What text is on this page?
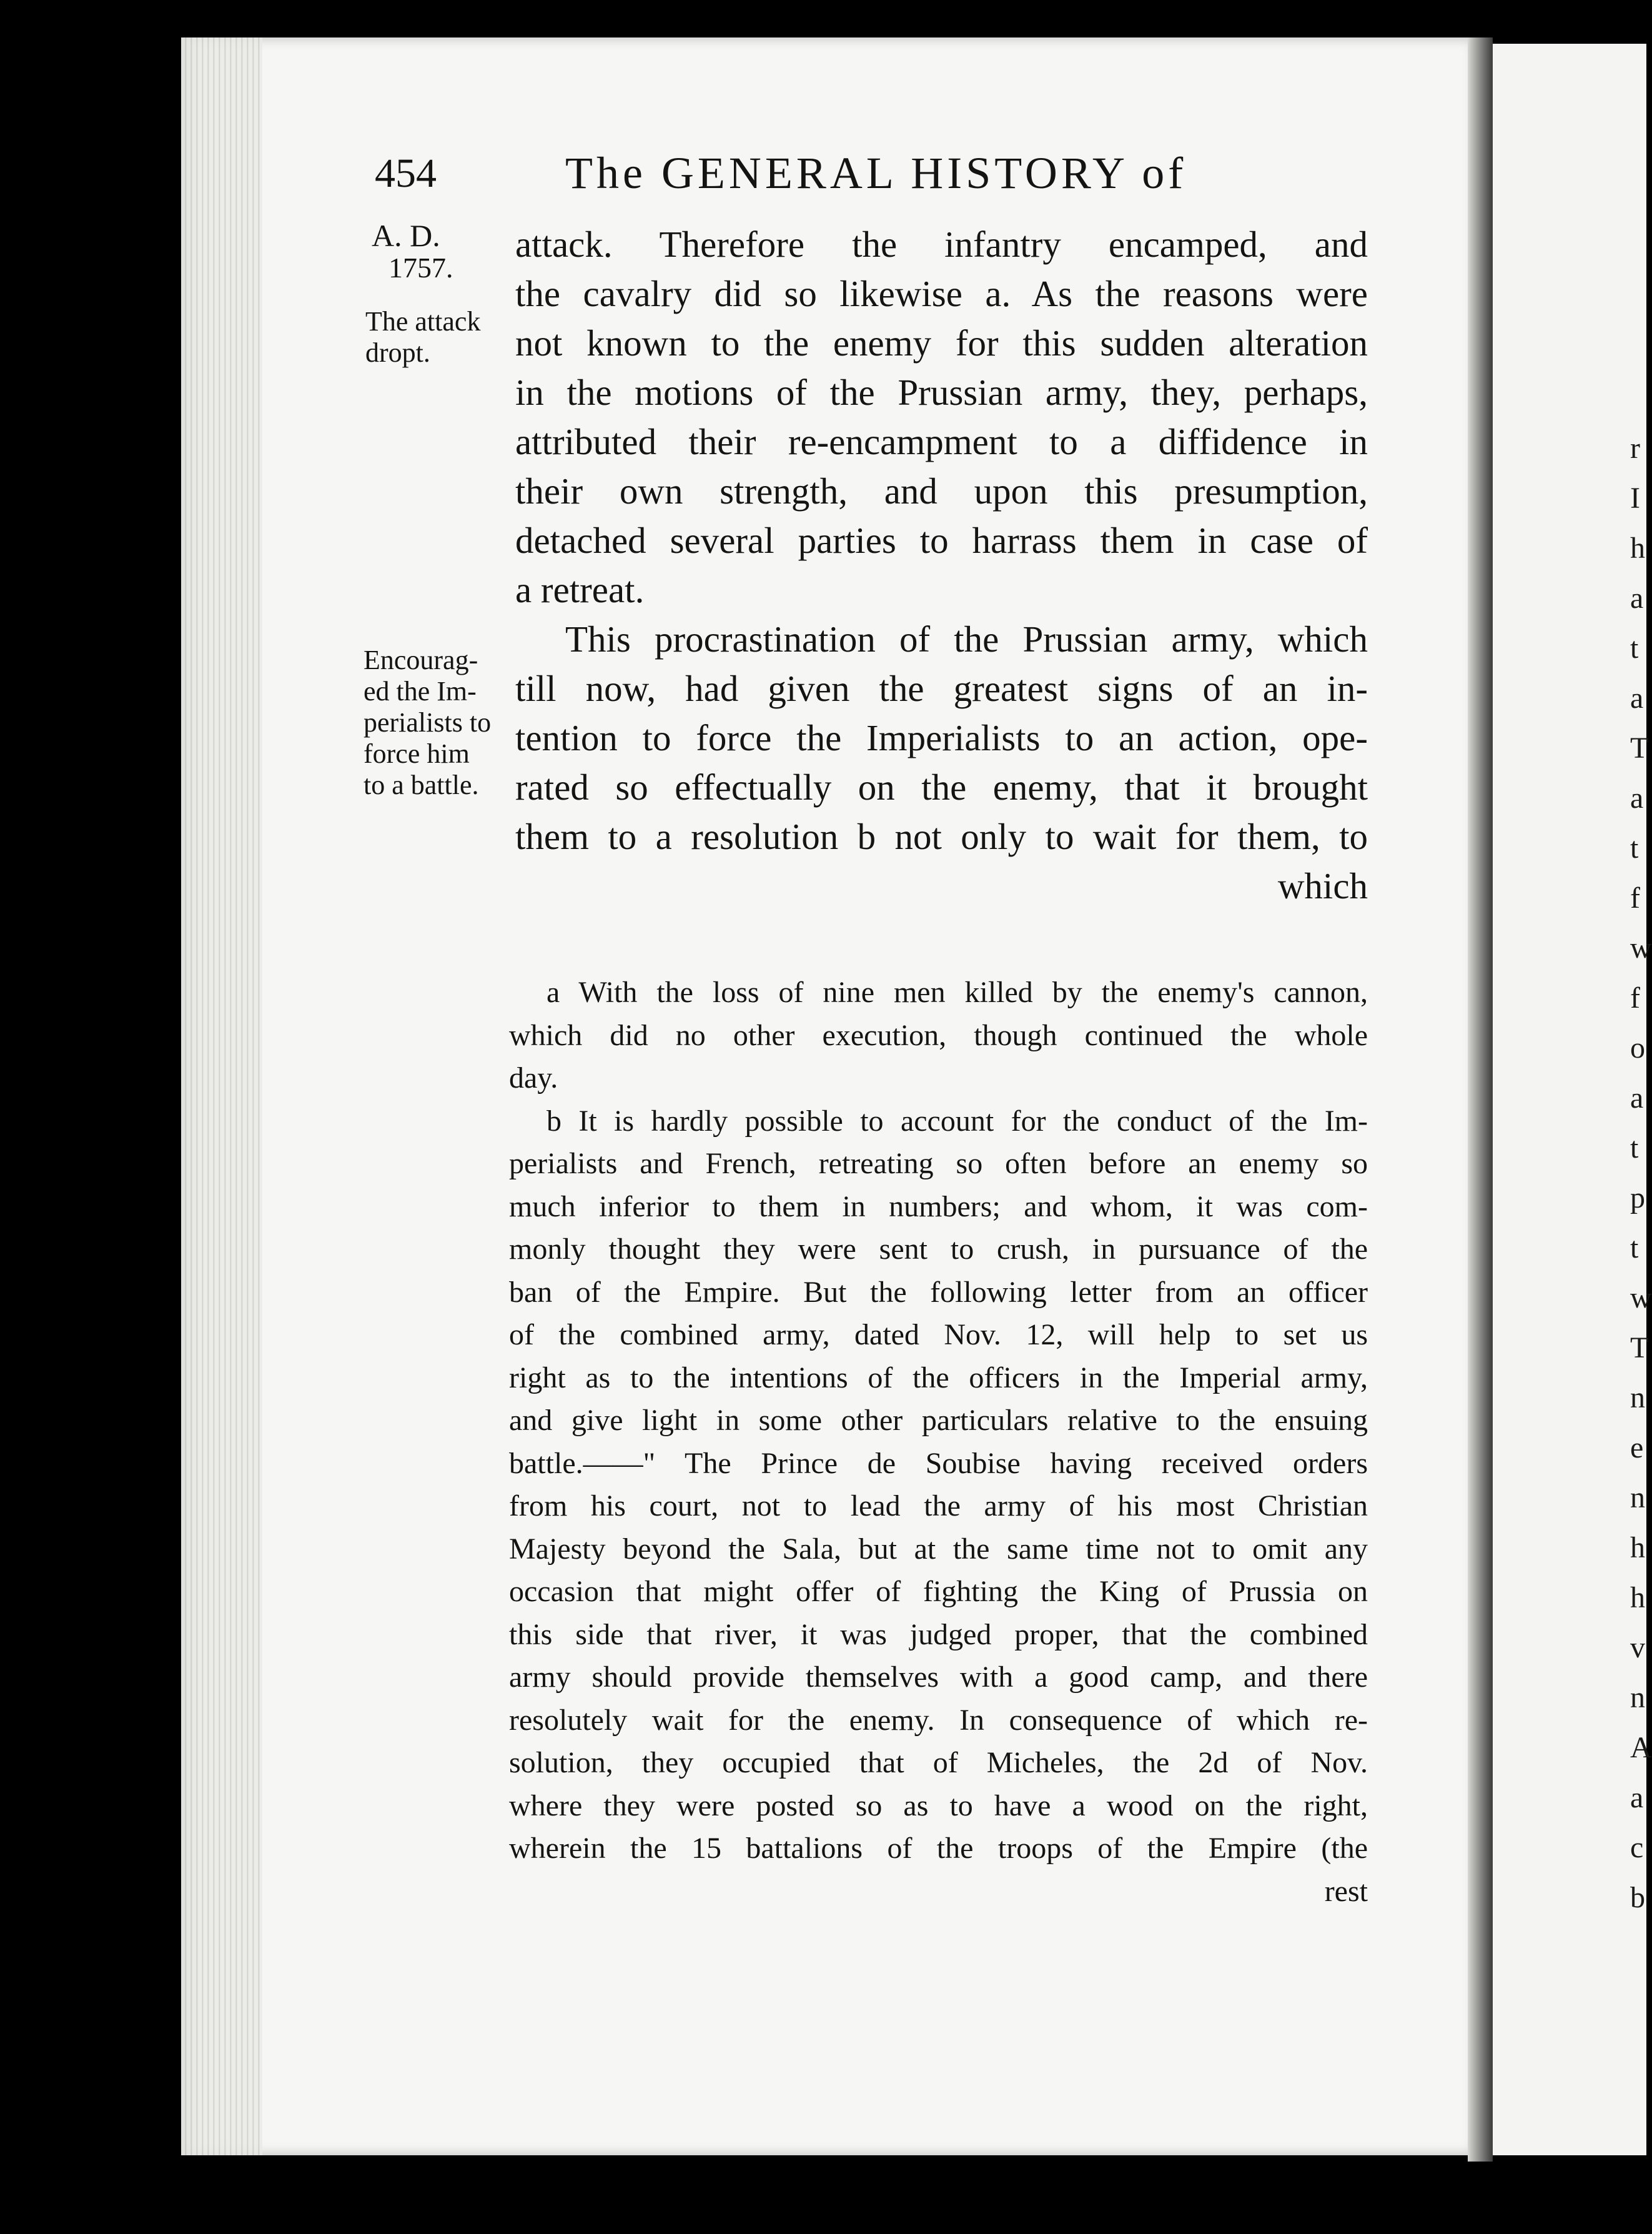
r
I
h
a
t
a
T
a
t
f
w
f
o
a
t
p
t
w
T
n
e
n
h
h
v
n
A
a
c
b
454	The GENERAL HISTORY of
A. D.
1757.
The attack
dropt.
Encourag-
ed the Im-
perialists to
force him
to a battle.
attack. Therefore the infantry encamped, and
the cavalry did so likewise a. As the reasons were
not known to the enemy for this sudden alteration
in the motions of the Prussian army, they, perhaps,
attributed their re-encampment to a diffidence in
their own strength, and upon this presumption,
detached several parties to harrass them in case of
a retreat.
This procrastination of the Prussian army, which
till now, had given the greatest signs of an in-
tention to force the Imperialists to an action, ope-
rated so effectually on the enemy, that it brought
them to a resolution b not only to wait for them, to
which
a With the loss of nine men killed by the enemy's cannon,
which did no other execution, though continued the whole
day.
b It is hardly possible to account for the conduct of the Im-
perialists and French, retreating so often before an enemy so
much inferior to them in numbers; and whom, it was com-
monly thought they were sent to crush, in pursuance of the
ban of the Empire. But the following letter from an officer
of the combined army, dated Nov. 12, will help to set us
right as to the intentions of the officers in the Imperial army,
and give light in some other particulars relative to the ensuing
battle.——" The Prince de Soubise having received orders
from his court, not to lead the army of his most Christian
Majesty beyond the Sala, but at the same time not to omit any
occasion that might offer of fighting the King of Prussia on
this side that river, it was judged proper, that the combined
army should provide themselves with a good camp, and there
resolutely wait for the enemy. In consequence of which re-
solution, they occupied that of Micheles, the 2d of Nov.
where they were posted so as to have a wood on the right,
wherein the 15 battalions of the troops of the Empire (the
rest
